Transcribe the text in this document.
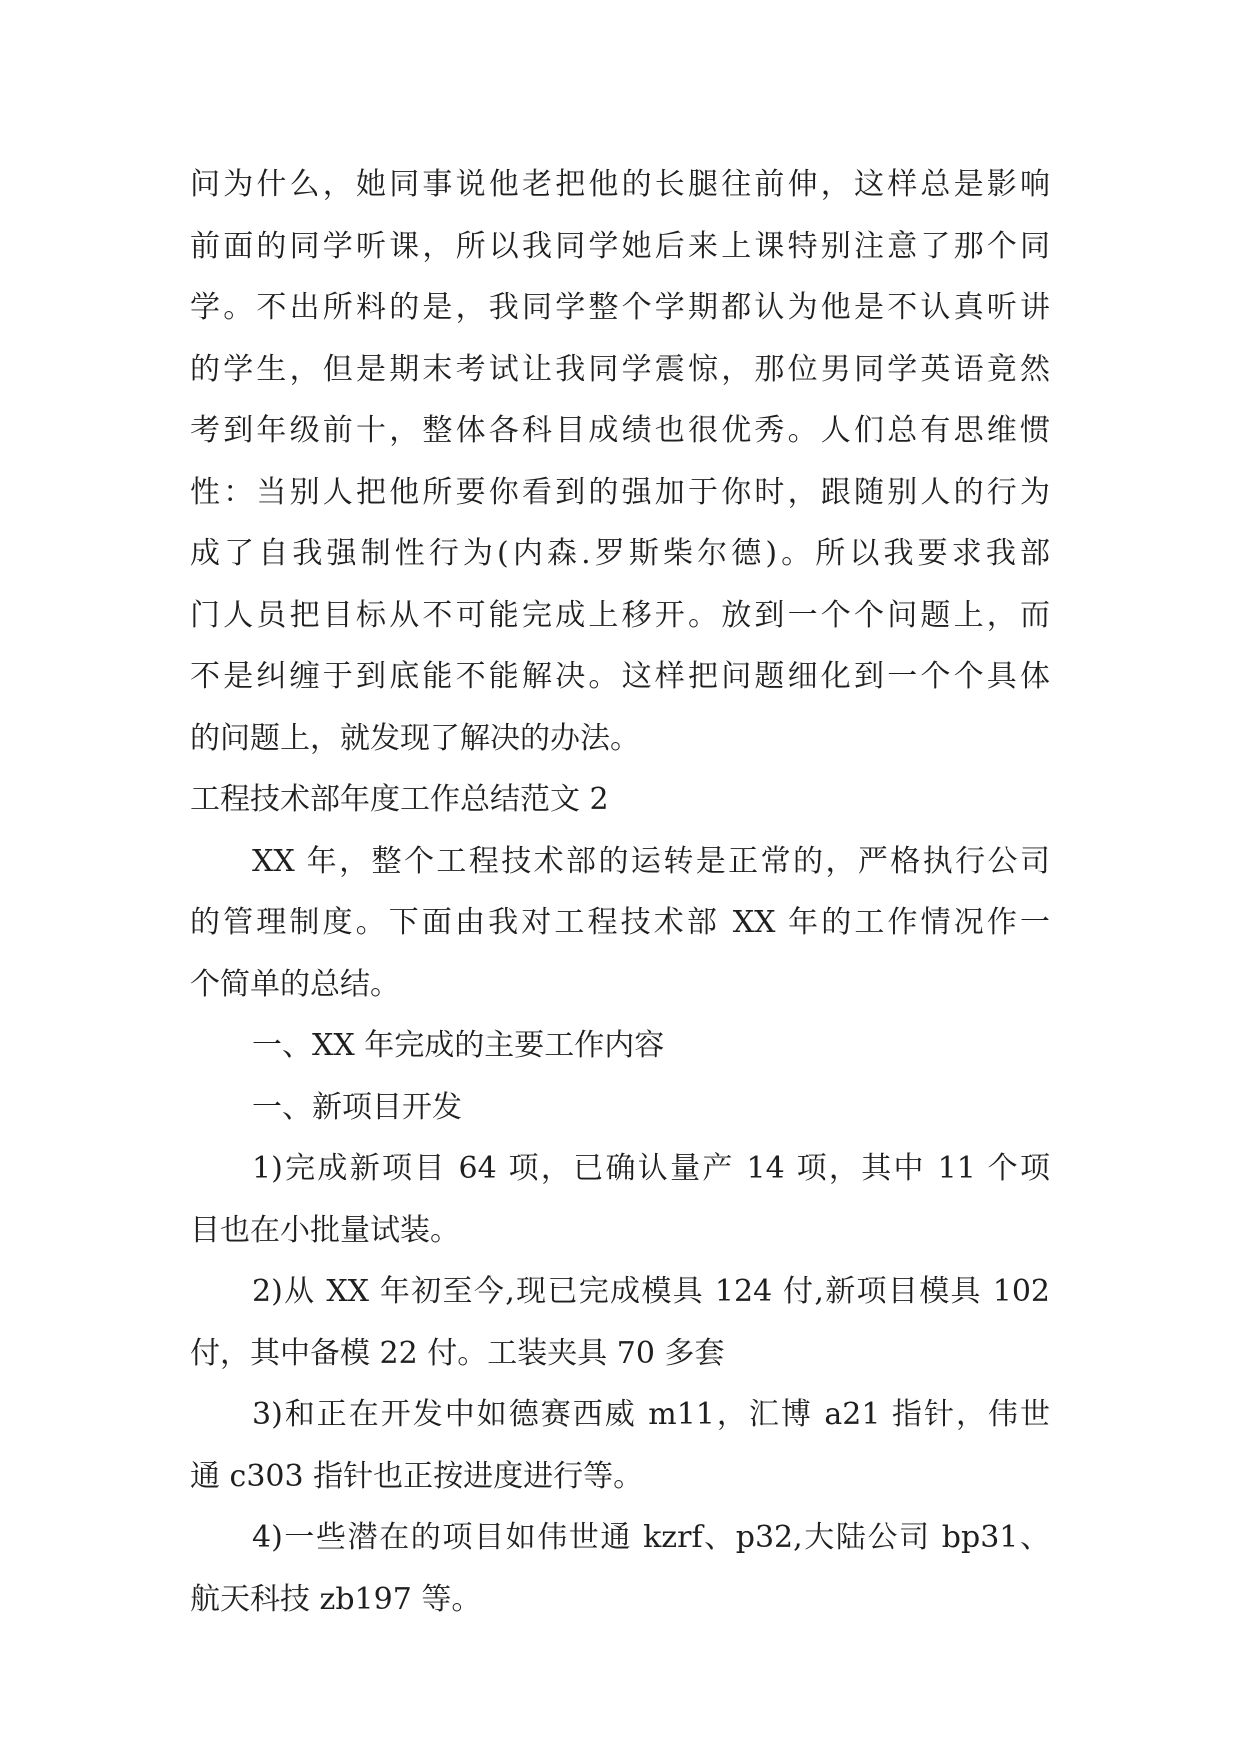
问为什么，她同事说他老把他的长腿往前伸，这样总是影响
前面的同学听课，所以我同学她后来上课特别注意了那个同
学。不出所料的是，我同学整个学期都认为他是不认真听讲
的学生，但是期末考试让我同学震惊，那位男同学英语竟然
考到年级前十，整体各科目成绩也很优秀。人们总有思维惯
性：当别人把他所要你看到的强加于你时，跟随别人的行为
成了自我强制性行为(内森.罗斯柴尔德)。所以我要求我部
门人员把目标从不可能完成上移开。放到一个个问题上，而
不是纠缠于到底能不能解决。这样把问题细化到一个个具体
的问题上，就发现了解决的办法。
工程技术部年度工作总结范文 2
XX 年，整个工程技术部的运转是正常的，严格执行公司
的管理制度。下面由我对工程技术部 XX 年的工作情况作一
个简单的总结。
一、XX 年完成的主要工作内容
一、新项目开发
1)完成新项目 64 项，已确认量产 14 项，其中 11 个项
目也在小批量试装。
2)从 XX 年初至今,现已完成模具 124 付,新项目模具 102
付，其中备模 22 付。工装夹具 70 多套
3)和正在开发中如德赛西威 m11，汇博 a21 指针，伟世
通 c303 指针也正按进度进行等。
4)一些潜在的项目如伟世通 kzrf、p32,大陆公司 bp31、
航天科技 zb197 等。
